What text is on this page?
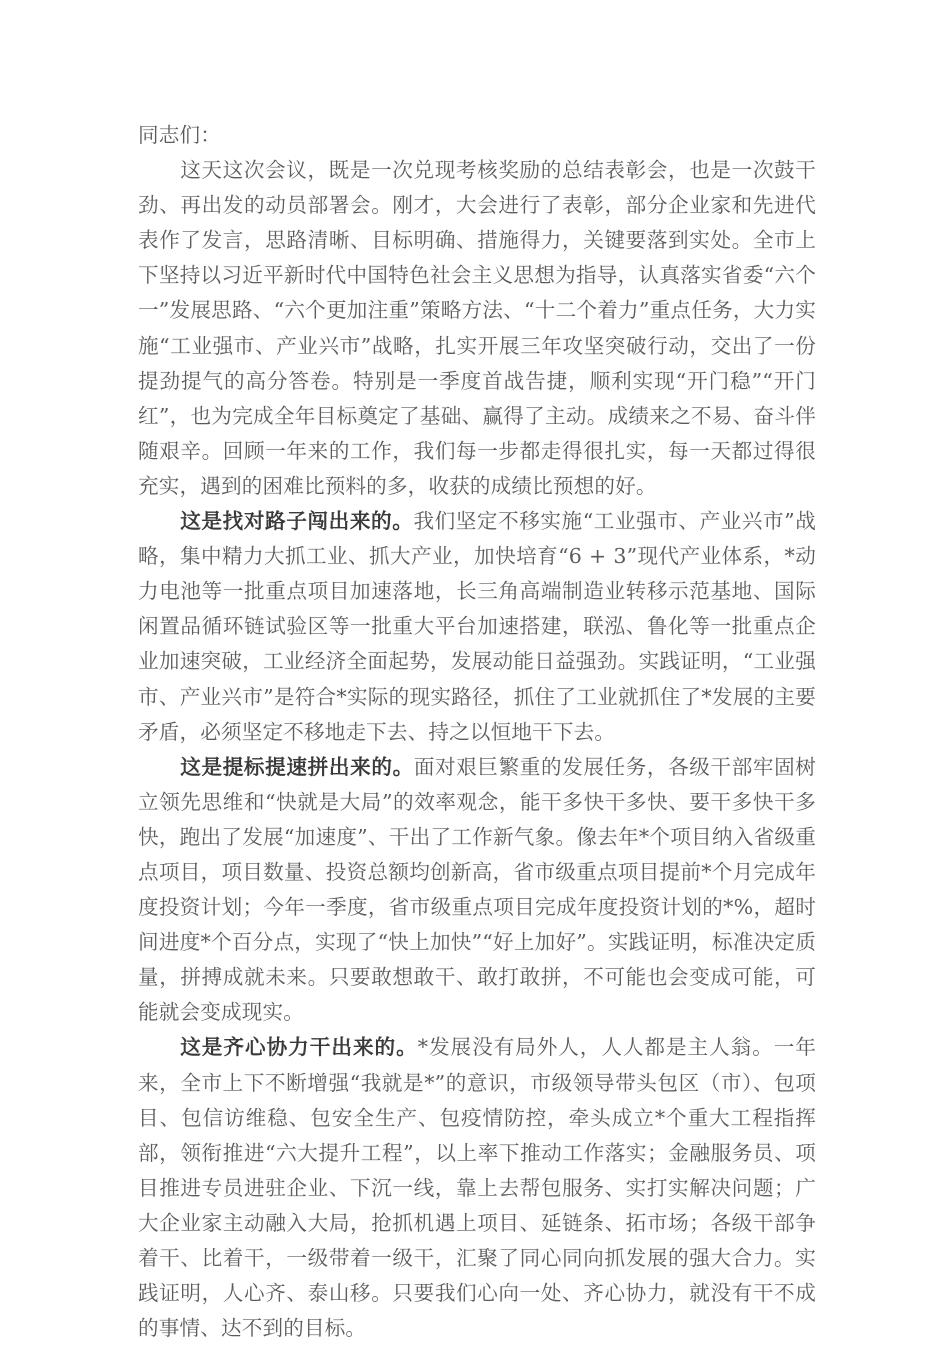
同志们：

这天这次会议，既是一次兑现考核奖励的总结表彰会，也是一次鼓干劲、再出发的动员部署会。刚才，大会进行了表彰，部分企业家和先进代表作了发言，思路清晰、目标明确、措施得力，关键要落到实处。全市上下坚持以习近平新时代中国特色社会主义思想为指导，认真落实省委“六个一”发展思路、“六个更加注重”策略方法、“十二个着力”重点任务，大力实施“工业强市、产业兴市”战略，扎实开展三年攻坚突破行动，交出了一份提劲提气的高分答卷。特别是一季度首战告捷，顺利实现“开门稳”“开门红”，也为完成全年目标奠定了基础、赢得了主动。成绩来之不易、奋斗伴随艰辛。回顾一年来的工作，我们每一步都走得很扎实，每一天都过得很充实，遇到的困难比预料的多，收获的成绩比预想的好。

这是找对路子闯出来的。我们坚定不移实施“工业强市、产业兴市”战略，集中精力大抓工业、抓大产业，加快培育“6 + 3”现代产业体系，*动力电池等一批重点项目加速落地，长三角高端制造业转移示范基地、国际闲置品循环链试验区等一批重大平台加速搭建，联泓、鲁化等一批重点企业加速突破，工业经济全面起势，发展动能日益强劲。实践证明，“工业强市、产业兴市”是符合*实际的现实路径，抓住了工业就抓住了*发展的主要矛盾，必须坚定不移地走下去、持之以恒地干下去。

这是提标提速拼出来的。面对艰巨繁重的发展任务，各级干部牢固树立领先思维和“快就是大局”的效率观念，能干多快干多快、要干多快干多快，跑出了发展“加速度”、干出了工作新气象。像去年*个项目纳入省级重点项目，项目数量、投资总额均创新高，省市级重点项目提前*个月完成年度投资计划；今年一季度，省市级重点项目完成年度投资计划的*%，超时间进度*个百分点，实现了“快上加快”“好上加好”。实践证明，标准决定质量，拼搏成就未来。只要敢想敢干、敢打敢拼，不可能也会变成可能，可能就会变成现实。

这是齐心协力干出来的。*发展没有局外人，人人都是主人翁。一年来，全市上下不断增强“我就是*”的意识，市级领导带头包区（市）、包项目、包信访维稳、包安全生产、包疫情防控，牵头成立*个重大工程指挥部，领衔推进“六大提升工程”，以上率下推动工作落实；金融服务员、项目推进专员进驻企业、下沉一线，靠上去帮包服务、实打实解决问题；广大企业家主动融入大局，抢抓机遇上项目、延链条、拓市场；各级干部争着干、比着干，一级带着一级干，汇聚了同心同向抓发展的强大合力。实践证明，人心齐、泰山移。只要我们心向一处、齐心协力，就没有干不成的事情、达不到的目标。
